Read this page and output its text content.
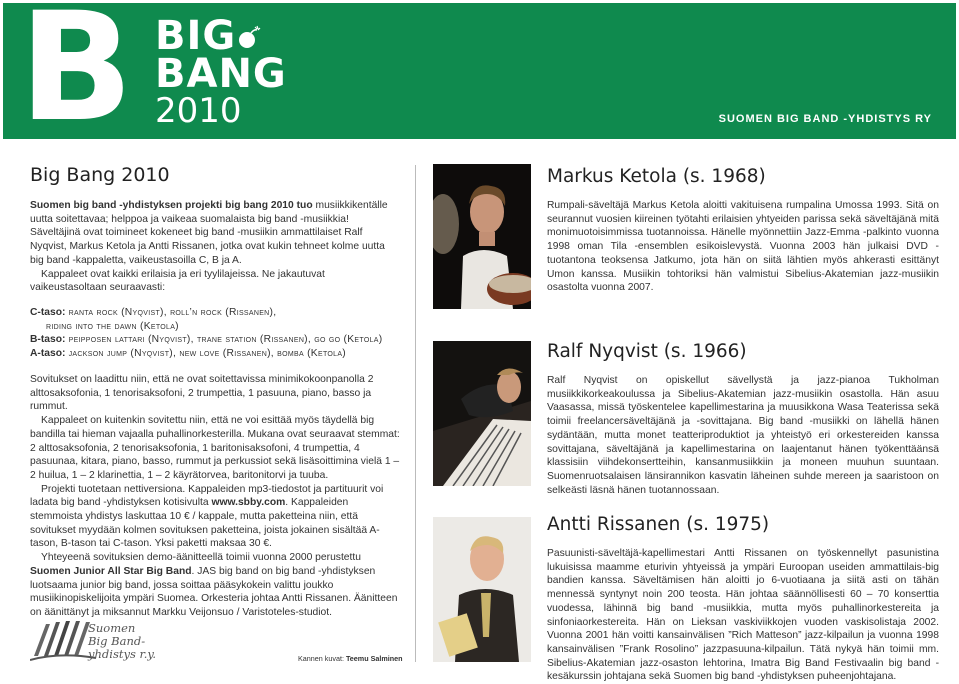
B BIG
BANG
2010	SUOMEN BIG BAND -YHDISTYS RY
Big Bang 2010

Suomen big band -yhdistyksen projekti big bang 2010 tuo musiikkikentälle uutta soitettavaa; helppoa ja vaikeaa suomalaista big band -musiikkia! Säveltäjinä ovat toimineet kokeneet big band -musiikin ammattilaiset Ralf Nyqvist, Markus Ketola ja Antti Rissanen, jotka ovat kukin tehneet kolme uutta big band -kappaletta, vaikeustasoilla C, B ja A.

Kappaleet ovat kaikki erilaisia ja eri tyylilajeissa. Ne jakautuvat vaikeustasoltaan seuraavasti:

C-taso: ranta rock (Nyqvist), roll’n rock (Rissanen),

riding into the dawn (Ketola)

B-taso: peipposen lattari (Nyqvist), trane station (Rissanen), go go (Ketola)

A-taso: jackson jump (Nyqvist), new love (Rissanen), bomba (Ketola)

Sovitukset on laadittu niin, että ne ovat soitettavissa minimikokoonpanolla 2 alttosaksofonia, 1 tenorisaksofoni, 2 trumpettia, 1 pasuuna, piano, basso ja rummut.

Kappaleet on kuitenkin sovitettu niin, että ne voi esittää myös täydellä big bandilla tai hieman vajaalla puhallinorkesterilla. Mukana ovat seuraavat stemmat: 2 alttosaksofonia, 2 tenorisaksofonia, 1 baritonisaksofoni, 4 trumpettia, 4 pasuunaa, kitara, piano, basso, rummut ja perkussiot sekä lisäsoittimina vielä 1 – 2 huilua, 1 – 2 klarinettia, 1 – 2 käyrätorvea, baritonitorvi ja tuuba.

Projekti tuotetaan nettiversiona. Kappaleiden mp3-tiedostot ja partituurit voi ladata big band -yhdistyksen kotisivulta www.sbby.com. Kappaleiden stemmoista yhdistys laskuttaa 10 € / kappale, mutta paketteina niin, että sovitukset myydään kolmen sovituksen paketteina, joista jokainen sisältää A-tason, B-tason tai C-tason. Yksi paketti maksaa 30 €.

Yhteyeenä sovituksien demo-äänitteellä toimii vuonna 2000 perustettu Suomen Junior All Star Big Band. JAS big band on big band -yhdistyksen luotsaama junior big band, jossa soittaa pääsykokein valittu joukko musiikinopiskelijoita ympäri Suomea. Orkesteria johtaa Antti Rissanen. Äänitteen on äänittänyt ja miksannut Markku Veijonsuo / Varistoteles-studiot.

Suomen
Big Band-
yhdistys r.y.	Kannen kuvat: Teemu Salminen
Markus Ketola (s. 1968)
Rumpali-säveltäjä Markus Ketola aloitti vakituisena rumpalina Umossa 1993. Sitä on seurannut vuosien kiireinen työtahti erilaisien yhtyeiden parissa sekä säveltäjänä mitä monimuotoisimmissa tuotannoissa. Hänelle myönnettiin Jazz-Emma -palkinto vuonna 1998 oman Tila -ensemblen esikoislevystä. Vuonna 2003 hän julkaisi DVD -tuotantona teoksensa Jatkumo, jota hän on siitä lähtien myös ahkerasti esittänyt Umon kanssa. Musiikin tohtoriksi hän valmistui Sibelius-Akatemian jazz-musiikin osastolta vuonna 2007.
Ralf Nyqvist (s. 1966)
Ralf Nyqvist on opiskellut sävellystä ja jazz-pianoa Tukholman musiikkikorkeakoulussa ja Sibelius-Akatemian jazz-musiikin osastolla. Hän asuu Vaasassa, missä työskentelee kapellimestarina ja muusikkona Wasa Teaterissa sekä toimii freelancersäveltäjänä ja -sovittajana. Big band -musiikki on lähellä hänen sydäntään, mutta monet teatteriproduktiot ja yhteistyö eri orkestereiden kanssa sovittajana, säveltäjänä ja kapellimestarina on laajentanut hänen työkenttäänsä klassisiin viihdekonsertteihin, kansanmusiikkiin ja moneen muuhun suuntaan. Suomenruotsalaisen länsirannikon kasvatin läheinen suhde mereen ja saaristoon on selkeästi läsnä hänen tuotannossaan.
Antti Rissanen (s. 1975)
Pasuunisti-säveltäjä-kapellimestari Antti Rissanen on työskennellyt pasunistina lukuisissa maamme eturivin yhtyeissä ja ympäri Euroopan useiden ammattilais-big bandien kanssa. Säveltämisen hän aloitti jo 6-vuotiaana ja siitä asti on tähän mennessä syntynyt noin 200 teosta. Hän johtaa säännöllisesti 60 – 70 konserttia vuodessa, lähinnä big band -musiikkia, mutta myös puhallinorkestereita ja sinfoniaorkestereita. Hän on Lieksan vaskiviikkojen vuoden vaskisolistaja 2002. Vuonna 2001 hän voitti kansainvälisen ”Rich Matteson” jazz-kilpailun ja vuonna 1998 kansainvälisen ”Frank Rosolino” jazzpasuuna-kilpailun. Tätä nykyä hän toimii mm. Sibelius-Akatemian jazz-osaston lehtorina, Imatra Big Band Festivaalin big band -kesäkurssin johtajana sekä Suomen big band -yhdistyksen puheenjohtajana.
